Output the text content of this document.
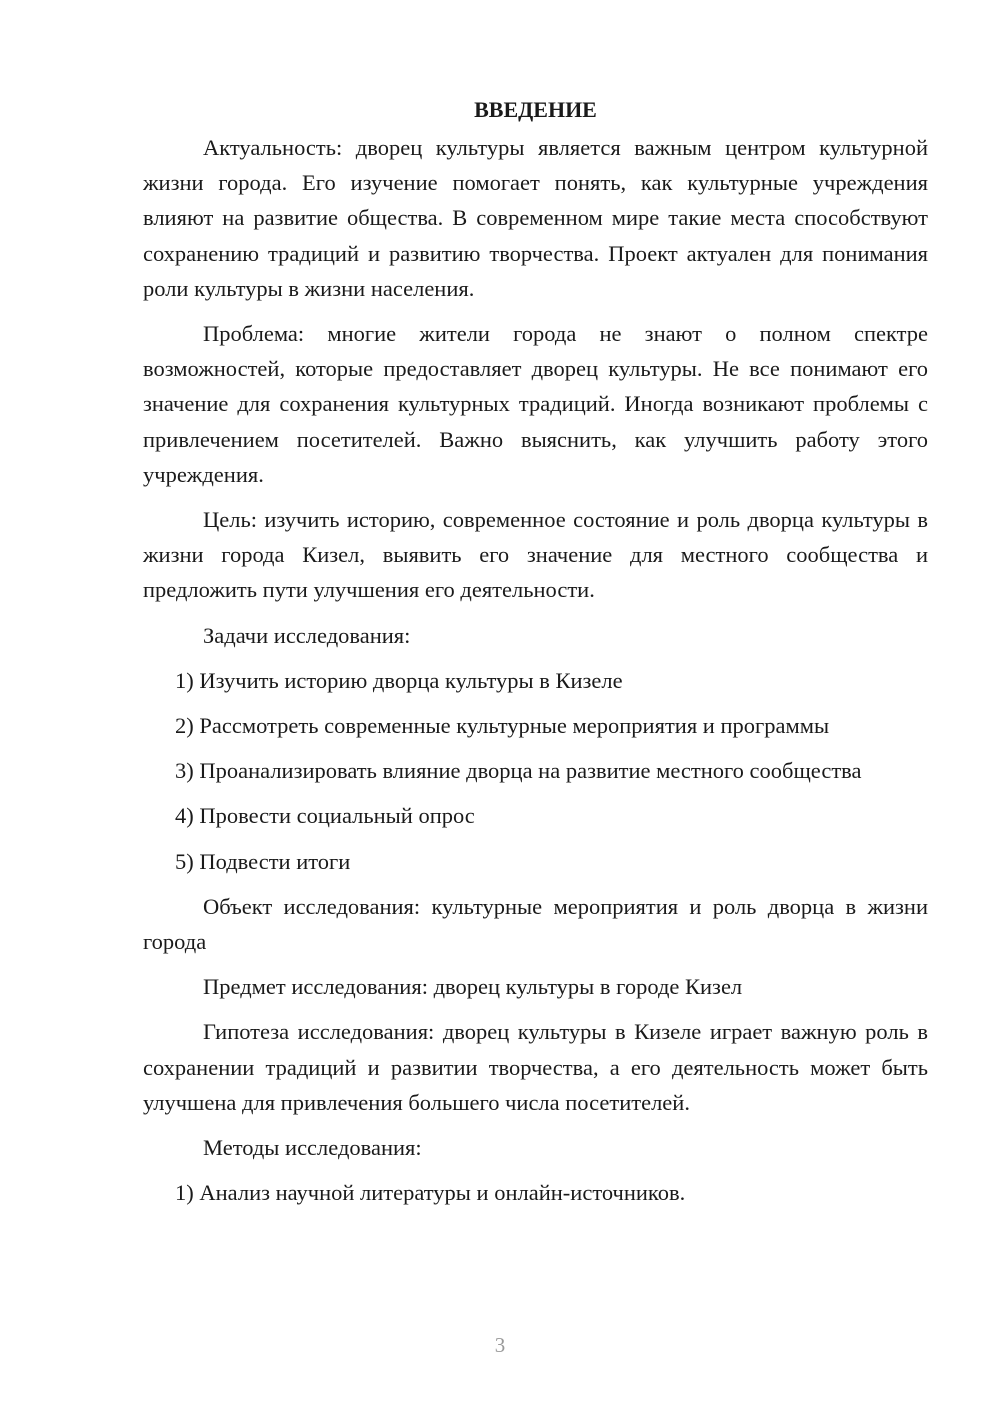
ВВЕДЕНИЕ

Актуальность: дворец культуры является важным центром культурной жизни города. Его изучение помогает понять, как культурные учреждения влияют на развитие общества. В современном мире такие места способствуют сохранению традиций и развитию творчества. Проект актуален для понимания роли культуры в жизни населения.

Проблема: многие жители города не знают о полном спектре возможностей, которые предоставляет дворец культуры. Не все понимают его значение для сохранения культурных традиций. Иногда возникают проблемы с привлечением посетителей. Важно выяснить, как улучшить работу этого учреждения.

Цель: изучить историю, современное состояние и роль дворца культуры в жизни города Кизел, выявить его значение для местного сообщества и предложить пути улучшения его деятельности.

Задачи исследования:

1) Изучить историю дворца культуры в Кизеле

2) Рассмотреть современные культурные мероприятия и программы

3) Проанализировать влияние дворца на развитие местного сообщества

4) Провести социальный опрос

5) Подвести итоги

Объект исследования: культурные мероприятия и роль дворца в жизни города

Предмет исследования: дворец культуры в городе Кизел

Гипотеза исследования: дворец культуры в Кизеле играет важную роль в сохранении традиций и развитии творчества, а его деятельность может быть улучшена для привлечения большего числа посетителей.

Методы исследования:

1) Анализ научной литературы и онлайн-источников.

3
